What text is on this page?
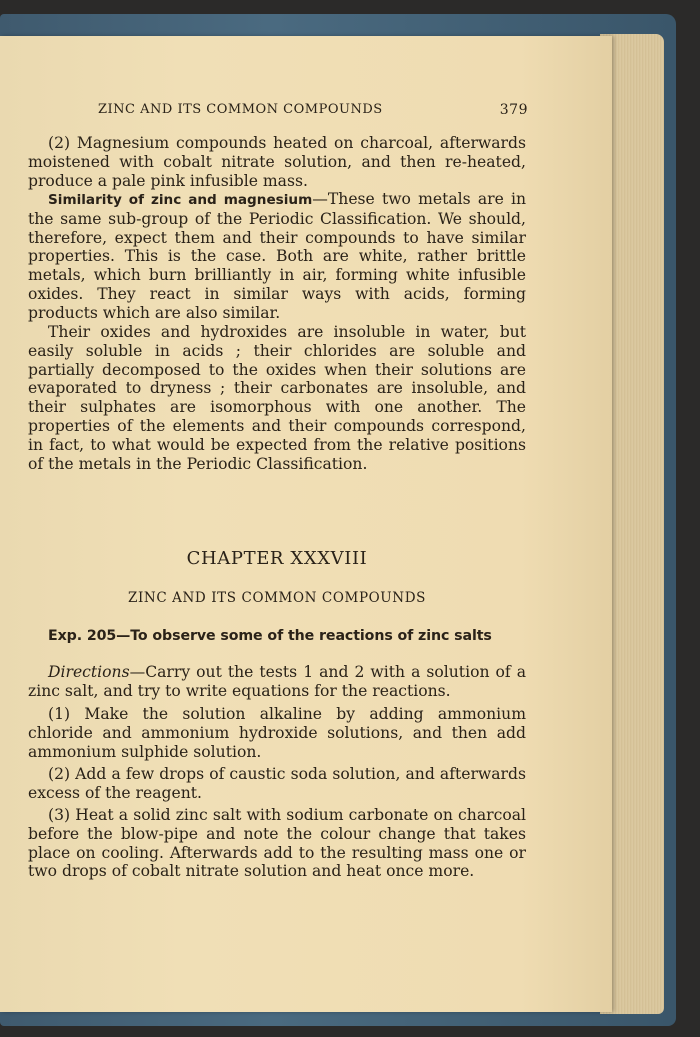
ZINC AND ITS COMMON COMPOUNDS	379

(2) Magnesium compounds heated on charcoal, afterwards moistened with cobalt nitrate solution, and then re-heated, produce a pale pink infusible mass.

Similarity of zinc and magnesium—These two metals are in the same sub-group of the Periodic Classification. We should, therefore, expect them and their compounds to have similar properties. This is the case. Both are white, rather brittle metals, which burn brilliantly in air, forming white infusible oxides. They react in similar ways with acids, forming products which are also similar.

Their oxides and hydroxides are insoluble in water, but easily soluble in acids ; their chlorides are soluble and partially decomposed to the oxides when their solutions are evaporated to dryness ; their carbonates are insoluble, and their sulphates are isomorphous with one another. The properties of the elements and their compounds correspond, in fact, to what would be expected from the relative positions of the metals in the Periodic Classification.

CHAPTER XXXVIII
ZINC AND ITS COMMON COMPOUNDS
Exp. 205—To observe some of the reactions of zinc salts

Directions—Carry out the tests 1 and 2 with a solution of a zinc salt, and try to write equations for the reactions.

(1) Make the solution alkaline by adding ammonium chloride and ammonium hydroxide solutions, and then add ammonium sulphide solution.

(2) Add a few drops of caustic soda solution, and afterwards excess of the reagent.

(3) Heat a solid zinc salt with sodium carbonate on charcoal before the blow-pipe and note the colour change that takes place on cooling. Afterwards add to the resulting mass one or two drops of cobalt nitrate solution and heat once more.
